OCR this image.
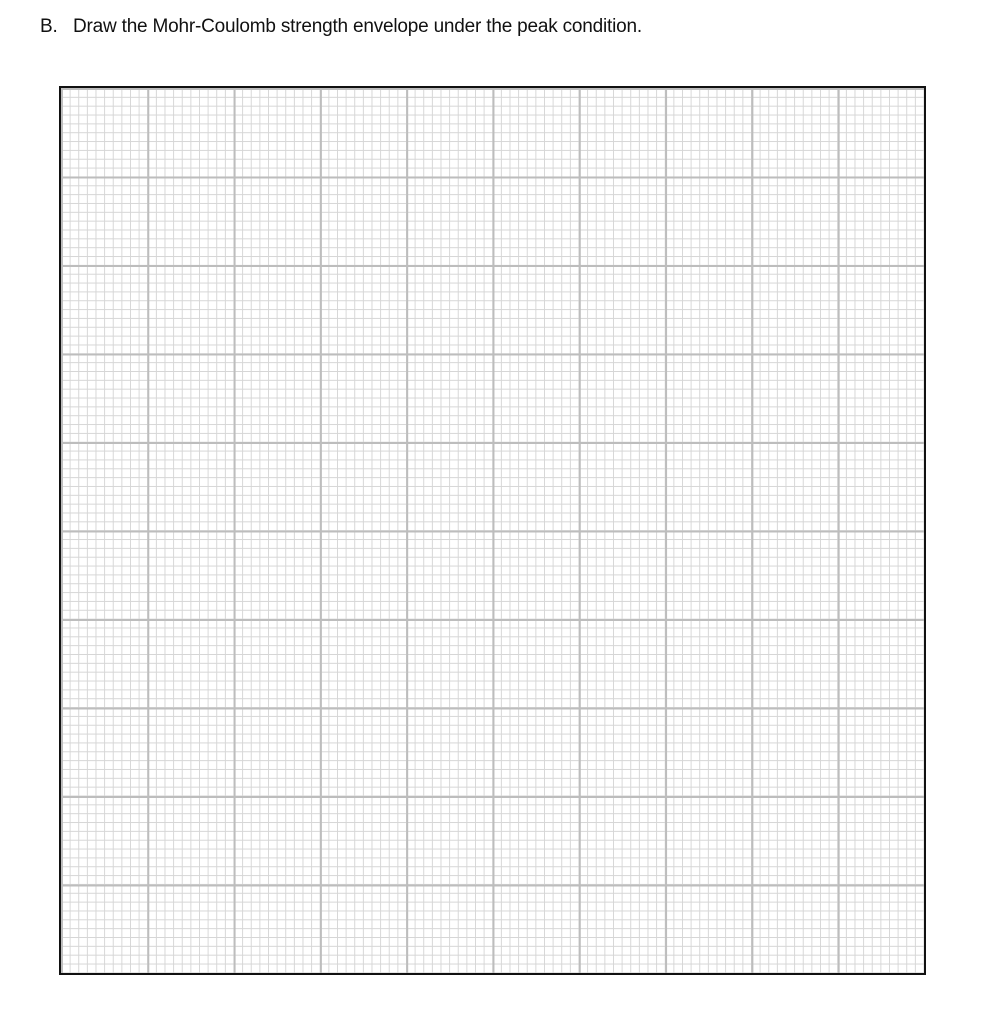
B. Draw the Mohr-Coulomb strength envelope under the peak condition.
